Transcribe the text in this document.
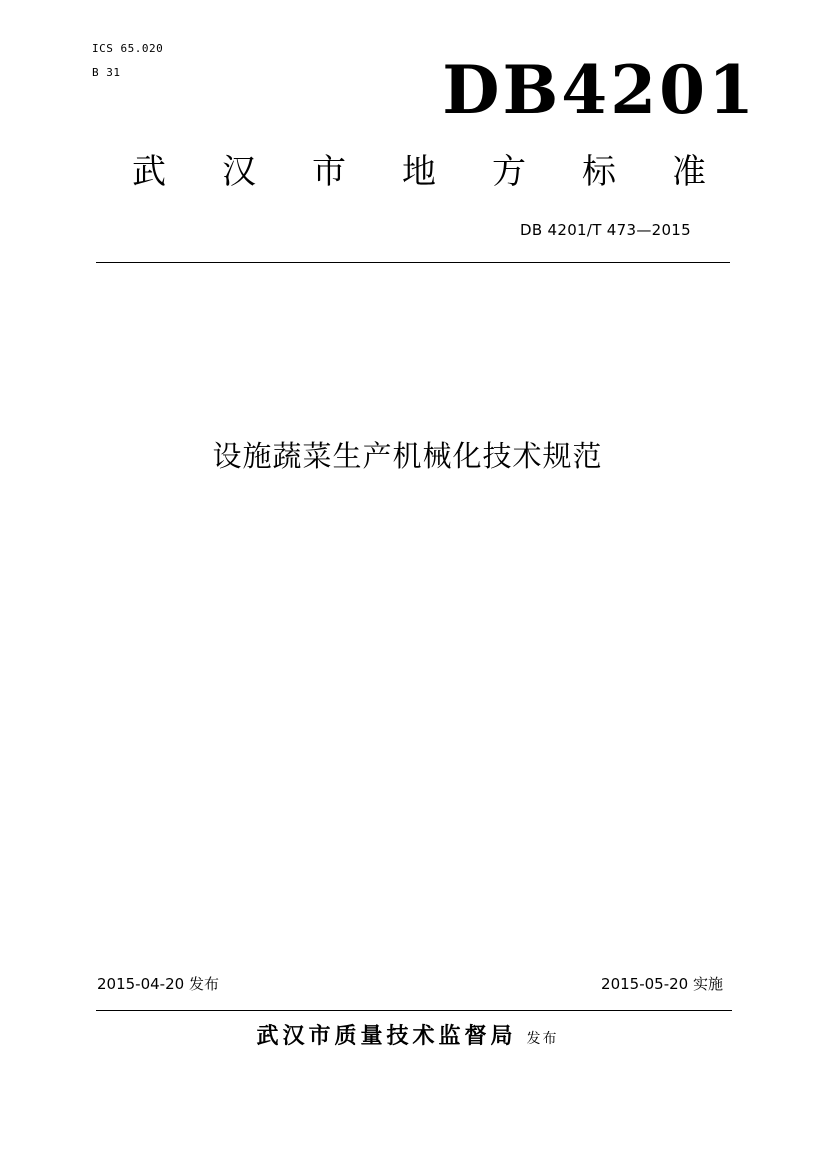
ICS 65.020
B 31	DB4201
武 汉 市 地 方 标 准
DB 4201/T 473—2015
设施蔬菜生产机械化技术规范
2015-04-20 发布	2015-05-20 实施
武汉市质量技术监督局 发布
